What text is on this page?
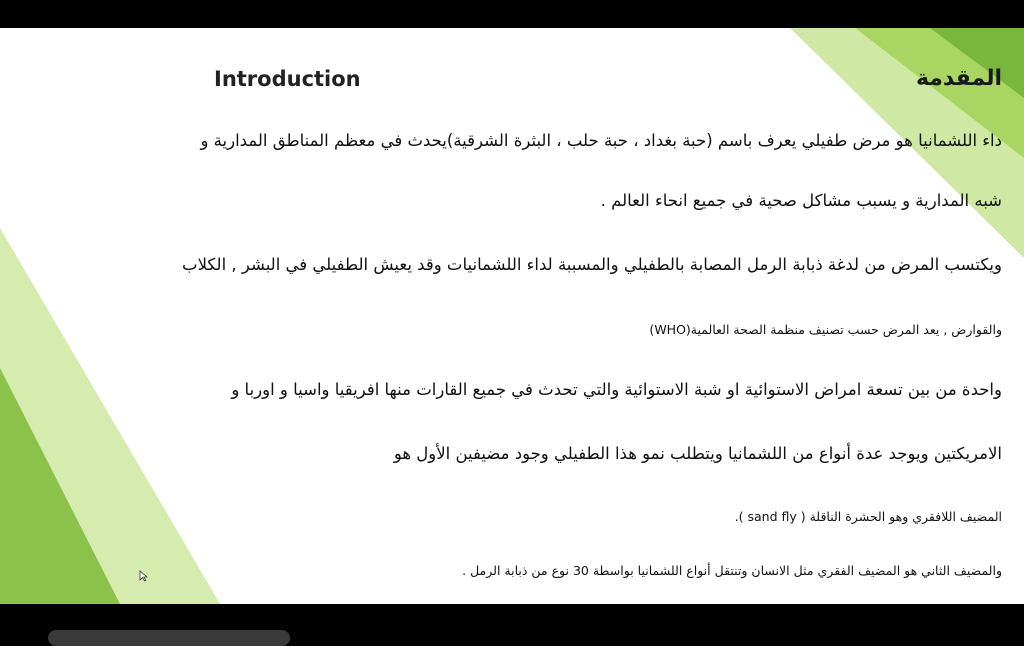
Introduction	المقدمة
داء اللشمانيا هو مرض طفيلي يعرف باسم (حبة بغداد ، حبة حلب ، البثرة الشرقية)يحدث في معظم المناطق المدارية و
شبه المدارية و يسبب مشاكل صحية في جميع انحاء العالم .
ويكتسب المرض من لدغة ذبابة الرمل المصابة بالطفيلي والمسببة لداء اللشمانيات وقد يعيش الطفيلي في البشر , الكلاب
والقوارض , يعد المرض حسب تصنيف منظمة الصحة العالمية(WHO)
واحدة من بين تسعة امراض الاستوائية او شبة الاستوائية والتي تحدث في جميع القارات منها افريقيا واسيا و اوربا و
الامريكتين ويوجد عدة أنواع من اللشمانيا ويتطلب نمو هذا الطفيلي وجود مضيفين الأول هو
المضيف اللافقري وهو الحشرة الناقلة ( sand fly ).
والمضيف الثاني هو المضيف الفقري مثل الانسان وتنتقل أنواع اللشمانيا بواسطة 30 نوع من ذبابة الرمل .
